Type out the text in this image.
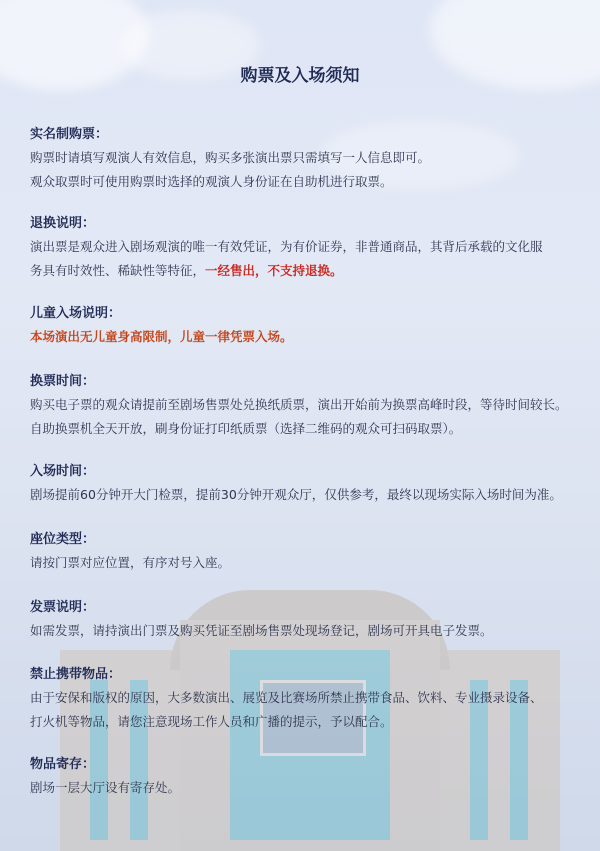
购票及入场须知

实名制购票：

购票时请填写观演人有效信息，购买多张演出票只需填写一人信息即可。

观众取票时可使用购票时选择的观演人身份证在自助机进行取票。

退换说明：

演出票是观众进入剧场观演的唯一有效凭证，为有价证券，非普通商品，其背后承载的文化服

务具有时效性、稀缺性等特征，一经售出，不支持退换。

儿童入场说明：

本场演出无儿童身高限制，儿童一律凭票入场。

换票时间：

购买电子票的观众请提前至剧场售票处兑换纸质票，演出开始前为换票高峰时段，等待时间较长。

自助换票机全天开放，刷身份证打印纸质票（选择二维码的观众可扫码取票）。

入场时间：

剧场提前60分钟开大门检票，提前30分钟开观众厅，仅供参考，最终以现场实际入场时间为准。

座位类型：

请按门票对应位置，有序对号入座。

发票说明：

如需发票，请持演出门票及购买凭证至剧场售票处现场登记，剧场可开具电子发票。

禁止携带物品：

由于安保和版权的原因，大多数演出、展览及比赛场所禁止携带食品、饮料、专业摄录设备、

打火机等物品，请您注意现场工作人员和广播的提示，予以配合。

物品寄存：

剧场一层大厅设有寄存处。
